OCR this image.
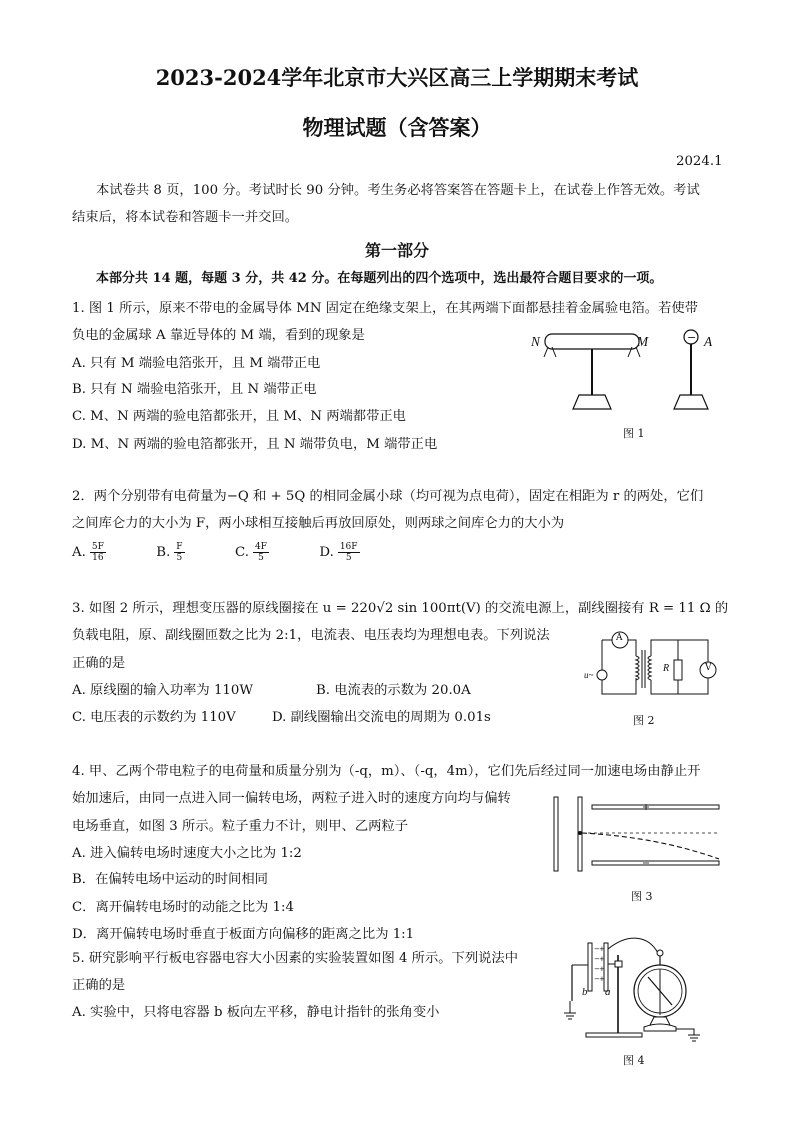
2023-2024学年北京市大兴区高三上学期期末考试
物理试题（含答案）
2024.1
本试卷共 8 页，100 分。考试时长 90 分钟。考生务必将答案答在答题卡上，在试卷上作答无效。考试
结束后，将本试卷和答题卡一并交回。
第一部分
本部分共 14 题，每题 3 分，共 42 分。在每题列出的四个选项中，选出最符合题目要求的一项。
1. 图 1 所示，原来不带电的金属导体 MN 固定在绝缘支架上，在其两端下面都悬挂着金属验电箔。若使带
负电的金属球 A 靠近导体的 M 端，看到的现象是
A. 只有 M 端验电箔张开，且 M 端带正电
B. 只有 N 端验电箔张开，且 N 端带正电
C. M、N 两端的验电箔都张开，且 M、N 两端都带正电
D. M、N 两端的验电箔都张开，且 N 端带负电，M 端带正电
N	M	− A
图 1
2．两个分别带有电荷量为−Q 和 + 5Q 的相同金属小球（均可视为点电荷），固定在相距为 r 的两处，它们
之间库仑力的大小为 F，两小球相互接触后再放回原处，则两球之间库仑力的大小为
A. $\frac{5F}{16}$	B. $\frac{F}{5}$	C. $\frac{4F}{5}$	D. $\frac{16F}{5}$
3. 如图 2 所示，理想变压器的原线圈接在 u = 220√2 sin 100πt(V) 的交流电源上，副线圈接有 R = 11 Ω 的
负载电阻，原、副线圈匝数之比为 2:1，电流表、电压表均为理想电表。下列说法
正确的是
A. 原线圈的输入功率为 110W	B. 电流表的示数为 20.0A
C. 电压表的示数约为 110V	D. 副线圈输出交流电的周期为 0.01s
A
V
R
u~
图 2
4. 甲、乙两个带电粒子的电荷量和质量分别为（-q，m）、（-q，4m），它们先后经过同一加速电场由静止开
始加速后，由同一点进入同一偏转电场，两粒子进入时的速度方向均与偏转
电场垂直，如图 3 所示。粒子重力不计，则甲、乙两粒子
A. 进入偏转电场时速度大小之比为 1:2
B．在偏转电场中运动的时间相同
C．离开偏转电场时的动能之比为 1:4
D．离开偏转电场时垂直于板面方向偏移的距离之比为 1:1
图 3
5. 研究影响平行板电容器电容大小因素的实验装置如图 4 所示。下列说法中
正确的是
A. 实验中，只将电容器 b 板向左平移，静电计指针的张角变小
−
−
−
−
+
+
+
+
b a
图 4
